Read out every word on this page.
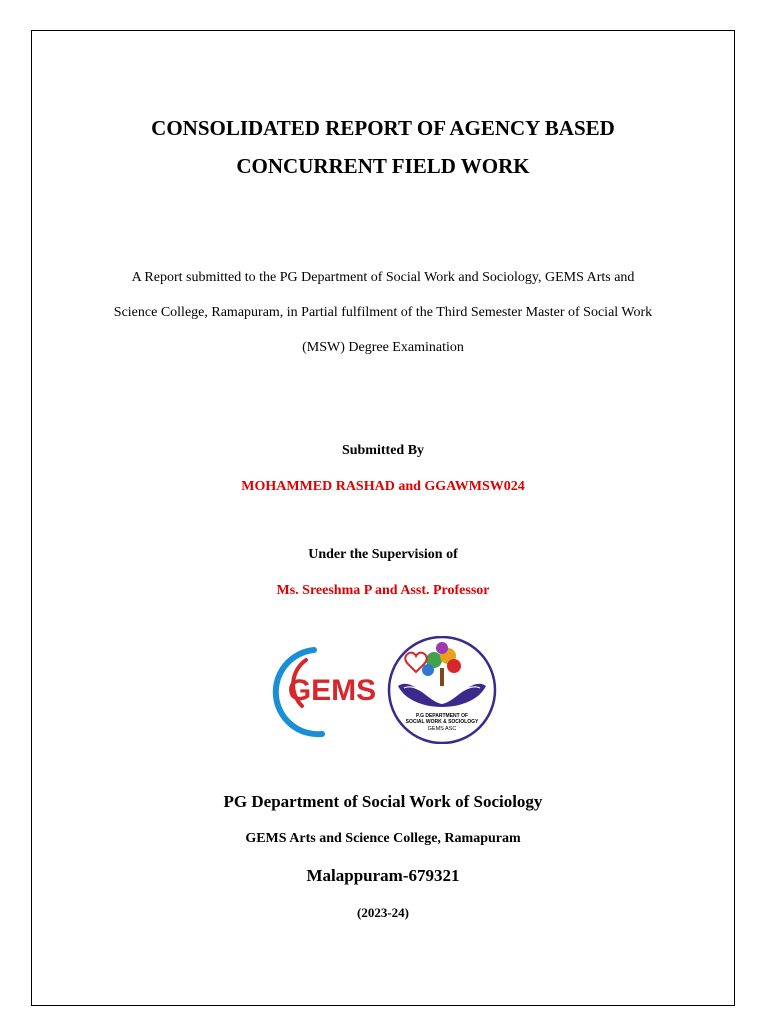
CONSOLIDATED REPORT OF AGENCY BASED
CONCURRENT FIELD WORK
A Report submitted to the PG Department of Social Work and Sociology, GEMS Arts and
Science College, Ramapuram, in Partial fulfilment of the Third Semester Master of Social Work
(MSW) Degree Examination
Submitted By
MOHAMMED RASHAD and GGAWMSW024
Under the Supervision of
Ms. Sreeshma P and Asst. Professor
GEMS
P.G DEPARTMENT OF
SOCIAL WORK & SOCIOLOGY
GEMS ASC
PG Department of Social Work of Sociology
GEMS Arts and Science College, Ramapuram
Malappuram-679321
(2023-24)
